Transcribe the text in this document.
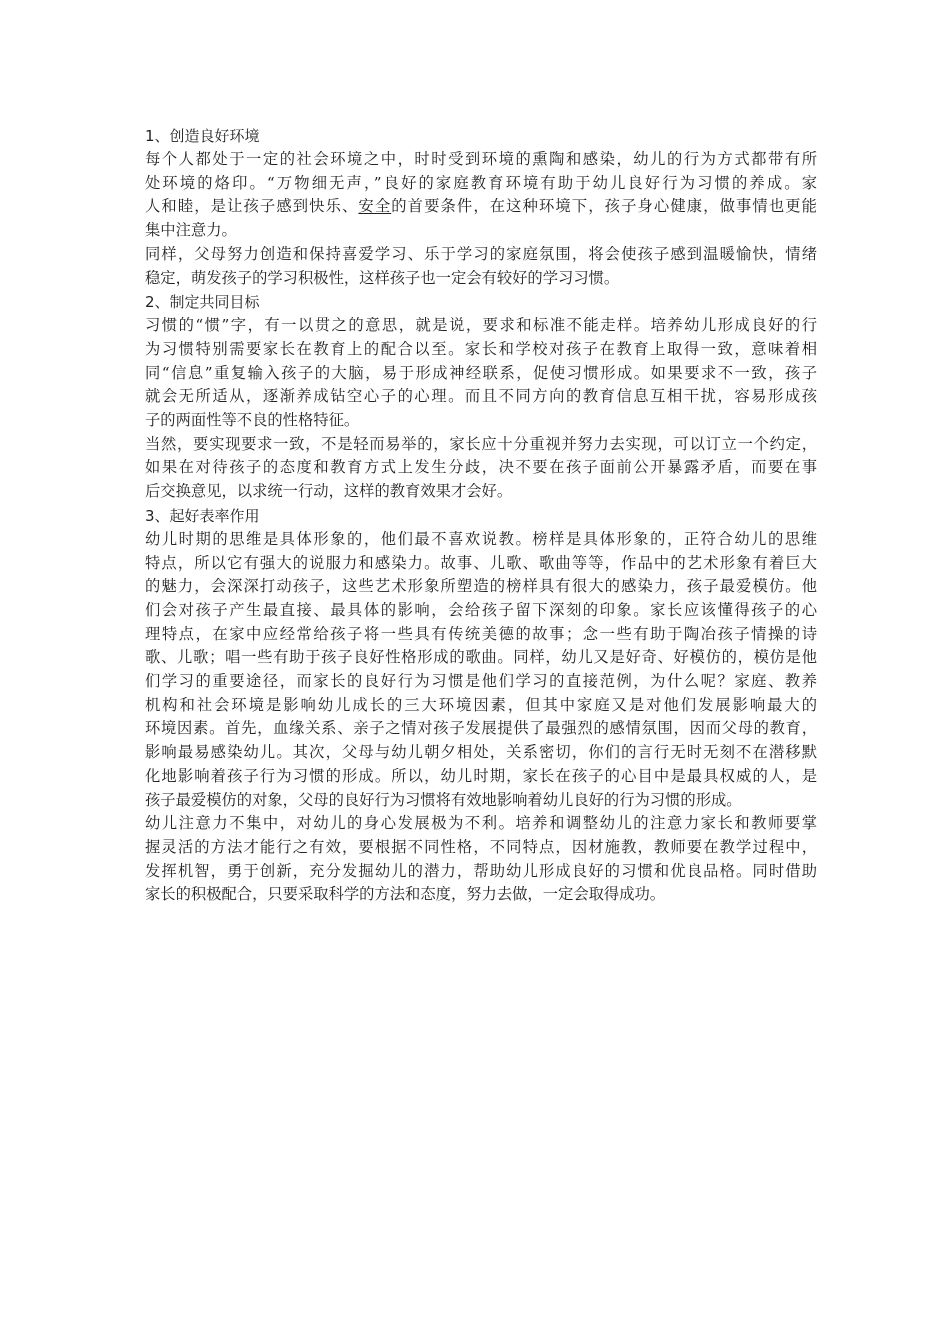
1、创造良好环境
每个人都处于一定的社会环境之中，时时受到环境的熏陶和感染，幼儿的行为方式都带有所
处环境的烙印。“万物细无声，”良好的家庭教育环境有助于幼儿良好行为习惯的养成。家
人和睦，是让孩子感到快乐、安全的首要条件，在这种环境下，孩子身心健康，做事情也更能
集中注意力。
同样，父母努力创造和保持喜爱学习、乐于学习的家庭氛围，将会使孩子感到温暖愉快，情绪
稳定，萌发孩子的学习积极性，这样孩子也一定会有较好的学习习惯。
2、制定共同目标
习惯的“惯”字，有一以贯之的意思，就是说，要求和标准不能走样。培养幼儿形成良好的行
为习惯特别需要家长在教育上的配合以至。家长和学校对孩子在教育上取得一致，意味着相
同“信息”重复输入孩子的大脑，易于形成神经联系，促使习惯形成。如果要求不一致，孩子
就会无所适从，逐渐养成钻空心子的心理。而且不同方向的教育信息互相干扰，容易形成孩
子的两面性等不良的性格特征。
当然，要实现要求一致，不是轻而易举的，家长应十分重视并努力去实现，可以订立一个约定，
如果在对待孩子的态度和教育方式上发生分歧，决不要在孩子面前公开暴露矛盾，而要在事
后交换意见，以求统一行动，这样的教育效果才会好。
3、起好表率作用
幼儿时期的思维是具体形象的，他们最不喜欢说教。榜样是具体形象的，正符合幼儿的思维
特点，所以它有强大的说服力和感染力。故事、儿歌、歌曲等等，作品中的艺术形象有着巨大
的魅力，会深深打动孩子，这些艺术形象所塑造的榜样具有很大的感染力，孩子最爱模仿。他
们会对孩子产生最直接、最具体的影响，会给孩子留下深刻的印象。家长应该懂得孩子的心
理特点，在家中应经常给孩子将一些具有传统美德的故事；念一些有助于陶冶孩子情操的诗
歌、儿歌；唱一些有助于孩子良好性格形成的歌曲。同样，幼儿又是好奇、好模仿的，模仿是他
们学习的重要途径，而家长的良好行为习惯是他们学习的直接范例，为什么呢？家庭、教养
机构和社会环境是影响幼儿成长的三大环境因素，但其中家庭又是对他们发展影响最大的
环境因素。首先，血缘关系、亲子之情对孩子发展提供了最强烈的感情氛围，因而父母的教育，
影响最易感染幼儿。其次，父母与幼儿朝夕相处，关系密切，你们的言行无时无刻不在潜移默
化地影响着孩子行为习惯的形成。所以，幼儿时期，家长在孩子的心目中是最具权威的人，是
孩子最爱模仿的对象，父母的良好行为习惯将有效地影响着幼儿良好的行为习惯的形成。
幼儿注意力不集中，对幼儿的身心发展极为不利。培养和调整幼儿的注意力家长和教师要掌
握灵活的方法才能行之有效，要根据不同性格，不同特点，因材施教，教师要在教学过程中，
发挥机智，勇于创新，充分发掘幼儿的潜力，帮助幼儿形成良好的习惯和优良品格。同时借助
家长的积极配合，只要采取科学的方法和态度，努力去做，一定会取得成功。
